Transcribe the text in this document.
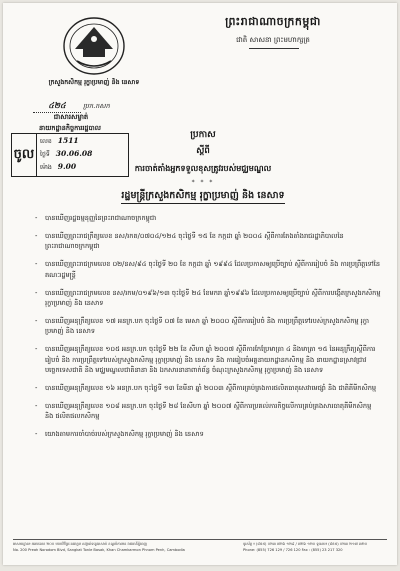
ក្រសួងកសិកម្ម រុក្ខាប្រមាញ់ និង នេសាទ
ព្រះរាជាណាចក្រកម្ពុជា
ជាតិ សាសនា ព្រះមហាក្សត្រ
៤២៤	ប្រក.កសក
ជាសារសម្ងាត់
នាយកដ្ឋានកិច្ចការរដ្ឋបាល
ចូល
លេខ 1511
ថ្ងៃទី 30.06.08
ម៉ោង 9.00
ប្រកាស
ស្តីពី
ការចាត់តាំងអ្នកទទួលខុសត្រូវរបស់មជ្ឈមណ្ឌល
* * *
រដ្ឋមន្ត្រីក្រសួងកសិកម្ម រុក្ខាប្រមាញ់ និង នេសាទ
- បានឃើញរដ្ឋធម្មនុញ្ញនៃព្រះរាជាណាចក្រកម្ពុជា
- បានឃើញព្រះរាជក្រឹត្យលេខ នស/រកត/០៧០៤/១២៤ ចុះថ្ងៃទី ១៥ ខែ កក្កដា ឆ្នាំ ២០០៤ ស្តីពីការតែងតាំងរាជរដ្ឋាភិបាលនៃព្រះរាជាណាចក្រកម្ពុជា
- បានឃើញព្រះរាជក្រមលេខ ០២/នស/៩៤ ចុះថ្ងៃទី ២០ ខែ កក្កដា ឆ្នាំ ១៩៩៤ ដែលប្រកាសឲ្យប្រើច្បាប់ ស្តីពីការរៀបចំ និង ការប្រព្រឹត្តទៅនៃគណៈរដ្ឋមន្ត្រី
- បានឃើញព្រះរាជក្រមលេខ នស/រកម/០១៩៦/១៣ ចុះថ្ងៃទី ២៤ ខែមករា ឆ្នាំ១៩៩៦ ដែលប្រកាសឲ្យប្រើច្បាប់ ស្តីពីការបង្កើតក្រសួងកសិកម្ម រុក្ខាប្រមាញ់ និង នេសាទ
- បានឃើញអនុក្រឹត្យលេខ ១៧ អនក្រ.បក ចុះថ្ងៃទី ០៧ ខែ មេសា ឆ្នាំ ២០០០ ស្តីពីការរៀបចំ និង ការប្រព្រឹត្តទៅរបស់ក្រសួងកសិកម្ម រុក្ខាប្រមាញ់ និង នេសាទ
- បានឃើញអនុក្រឹត្យលេខ ១០៥ អនក្រ.បក ចុះថ្ងៃទី ២២ ខែ សីហា ឆ្នាំ ២០០៧ ស្តីពីការកែប្រែមាត្រា ៤ និងមាត្រា ១៥ នៃអនុក្រឹត្យស្តីពីការរៀបចំ និង ការប្រព្រឹត្តទៅរបស់ក្រសួងកសិកម្ម រុក្ខាប្រមាញ់ និង នេសាទ និង ការរៀបចំអគ្គនាយកដ្ឋានកសិកម្ម និង នាយកដ្ឋានស្រាវជ្រាវបច្ចេកទេសជាតិ និង មជ្ឈមណ្ឌលជាតិនានា និង ឯកសារនានាពាក់ព័ន្ធ ចំណុះក្រសួងកសិកម្ម រុក្ខាប្រមាញ់ និង នេសាទ
- បានឃើញអនុក្រឹត្យលេខ ១៦ អនក្រ.បក ចុះថ្ងៃទី ១៣ ខែមីនា ឆ្នាំ ២០០៣ ស្តីពីការគ្រប់គ្រងការផលិតធាតុសេវាមេផ្សាំ និង ជាតិគីមីកសិកម្ម
- បានឃើញអនុក្រឹត្យលេខ ១០៨ អនក្រ.បក ចុះថ្ងៃទី ២៨ ខែសីហា ឆ្នាំ ២០០៧ ស្តីពីការប្រគល់ភារកិច្ចលើការគ្រប់គ្រងសារធាតុគីមីកសិកម្ម និង ផលិតផលកសិកម្ម
- យោងតាមការចាំបាច់របស់ក្រសួងកសិកម្ម រុក្ខាប្រមាញ់ និង នេសាទ
អាសយដ្ឋាន៖ អគារលេខ ២០០ មហាវិថីព្រះនរោត្តម សង្កាត់ទន្លេបាសាក់ ខណ្ឌចំការមន រាជធានីភ្នំពេញ
No. 200 Preah Norodom Blvd, Sangkat Tonle Basak, Khan Chamkarmon Phnom Penh, Cambodia
ទូរស័ព្ទ ៖ (៨៥៥) ០២៣ ៧២៦ ១២៩ / ៧២៦ ១២០ ទូរសារ៖ (៨៥៥) ០២៣ ២១៧ ៣២០
Phone: (855) 726 129 / 726 120 Fax : (855) 23 217 320
